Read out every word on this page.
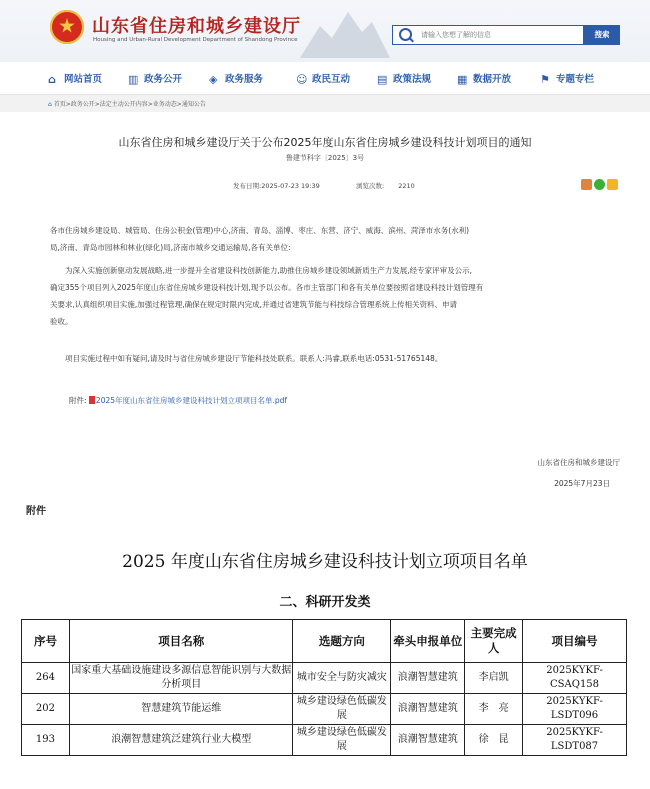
山东省住房和城乡建设厅
Housing and Urban-Rural Development Department of Shandong Province
请输入您想了解的信息
搜索
⌂ 网站首页 ▥ 政务公开 ◈ 政务服务	☺ 政民互动 ▤ 政策法规 ▦ 数据开放	⚑ 专题专栏
⌂ 首页>政务公开>法定主动公开内容>业务动态>通知公告
山东省住房和城乡建设厅关于公布2025年度山东省住房城乡建设科技计划项目的通知
鲁建节科字〔2025〕3号
发布日期:2025-07-23 19:39	浏览次数: 2210
各市住房城乡建设局、城管局、住房公积金(管理)中心,济南、青岛、淄博、枣庄、东营、济宁、威海、滨州、菏泽市水务(水利)
局,济南、青岛市园林和林业(绿化)局,济南市城乡交通运输局,各有关单位:
为深入实施创新驱动发展战略,进一步提升全省建设科技创新能力,助推住房城乡建设领域新质生产力发展,经专家评审及公示,
确定355个项目列入2025年度山东省住房城乡建设科技计划,现予以公布。各市主管部门和各有关单位要按照省建设科技计划管理有
关要求,认真组织项目实施,加强过程管理,确保在规定时限内完成,并通过省建筑节能与科技综合管理系统上传相关资料、申请
验收。
项目实施过程中如有疑问,请及时与省住房城乡建设厅节能科技处联系。联系人:冯睿,联系电话:0531-51765148。
附件: 2025年度山东省住房城乡建设科技计划立项项目名单.pdf
山东省住房和城乡建设厅
2025年7月23日
附件
2025 年度山东省住房城乡建设科技计划立项项目名单
二、科研开发类
序号	项目名称	选题方向	牵头申报单位	主要完成人	项目编号
264	国家重大基础设施建设多源信息智能识别与大数据分析项目	城市安全与防灾减灾	浪潮智慧建筑	李启凯	2025KYKF-CSAQ158
202	智慧建筑节能运维	城乡建设绿色低碳发展	浪潮智慧建筑	李　亮	2025KYKF-LSDT096
193	浪潮智慧建筑泛建筑行业大模型	城乡建设绿色低碳发展	浪潮智慧建筑	徐　昆	2025KYKF-LSDT087
